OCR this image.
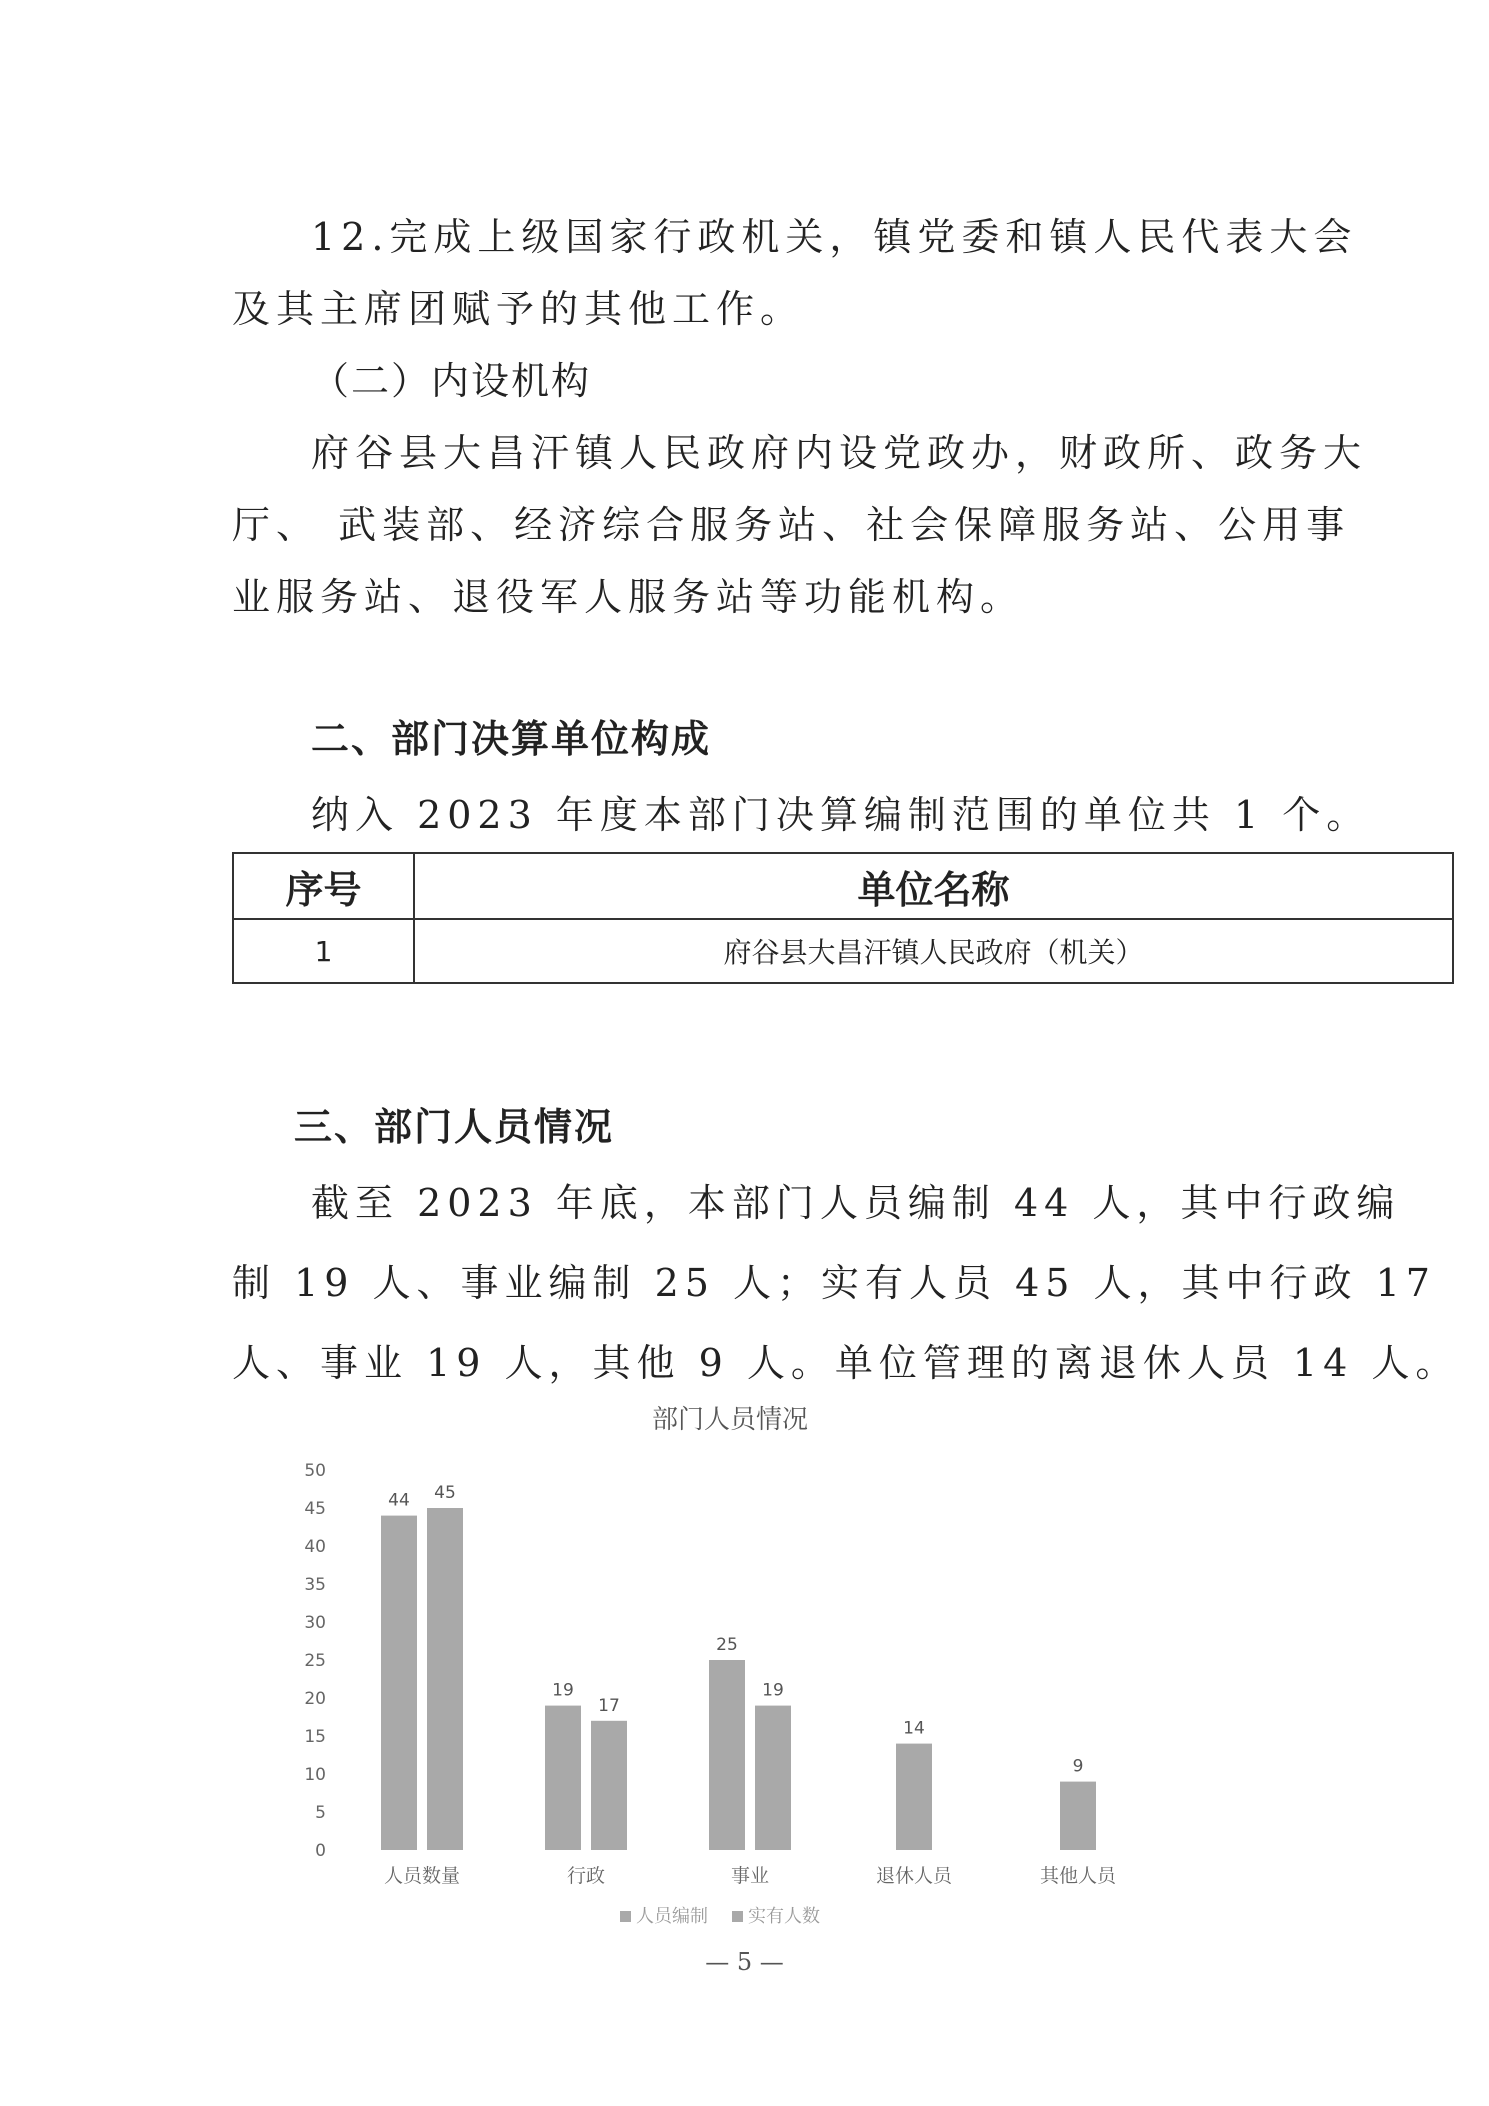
12.完成上级国家行政机关，镇党委和镇人民代表大会
及其主席团赋予的其他工作。
（二）内设机构
府谷县大昌汗镇人民政府内设党政办，财政所、政务大
厅、 武装部、经济综合服务站、社会保障服务站、公用事
业服务站、退役军人服务站等功能机构。
二、部门决算单位构成
纳入 2023 年度本部门决算编制范围的单位共 1 个。
序号	单位名称
1	府谷县大昌汗镇人民政府（机关）
三、部门人员情况
截至 2023 年底，本部门人员编制 44 人，其中行政编
制 19 人、事业编制 25 人；实有人员 45 人，其中行政 17
人、事业 19 人，其他 9 人。单位管理的离退休人员 14 人。
部门人员情况
0
5
10
15
20
25
30
35
40
45
50
44 45
人员数量
19
17
行政
25
19
事业
14
退休人员
9
其他人员
人员编制 实有人数
— 5 —
